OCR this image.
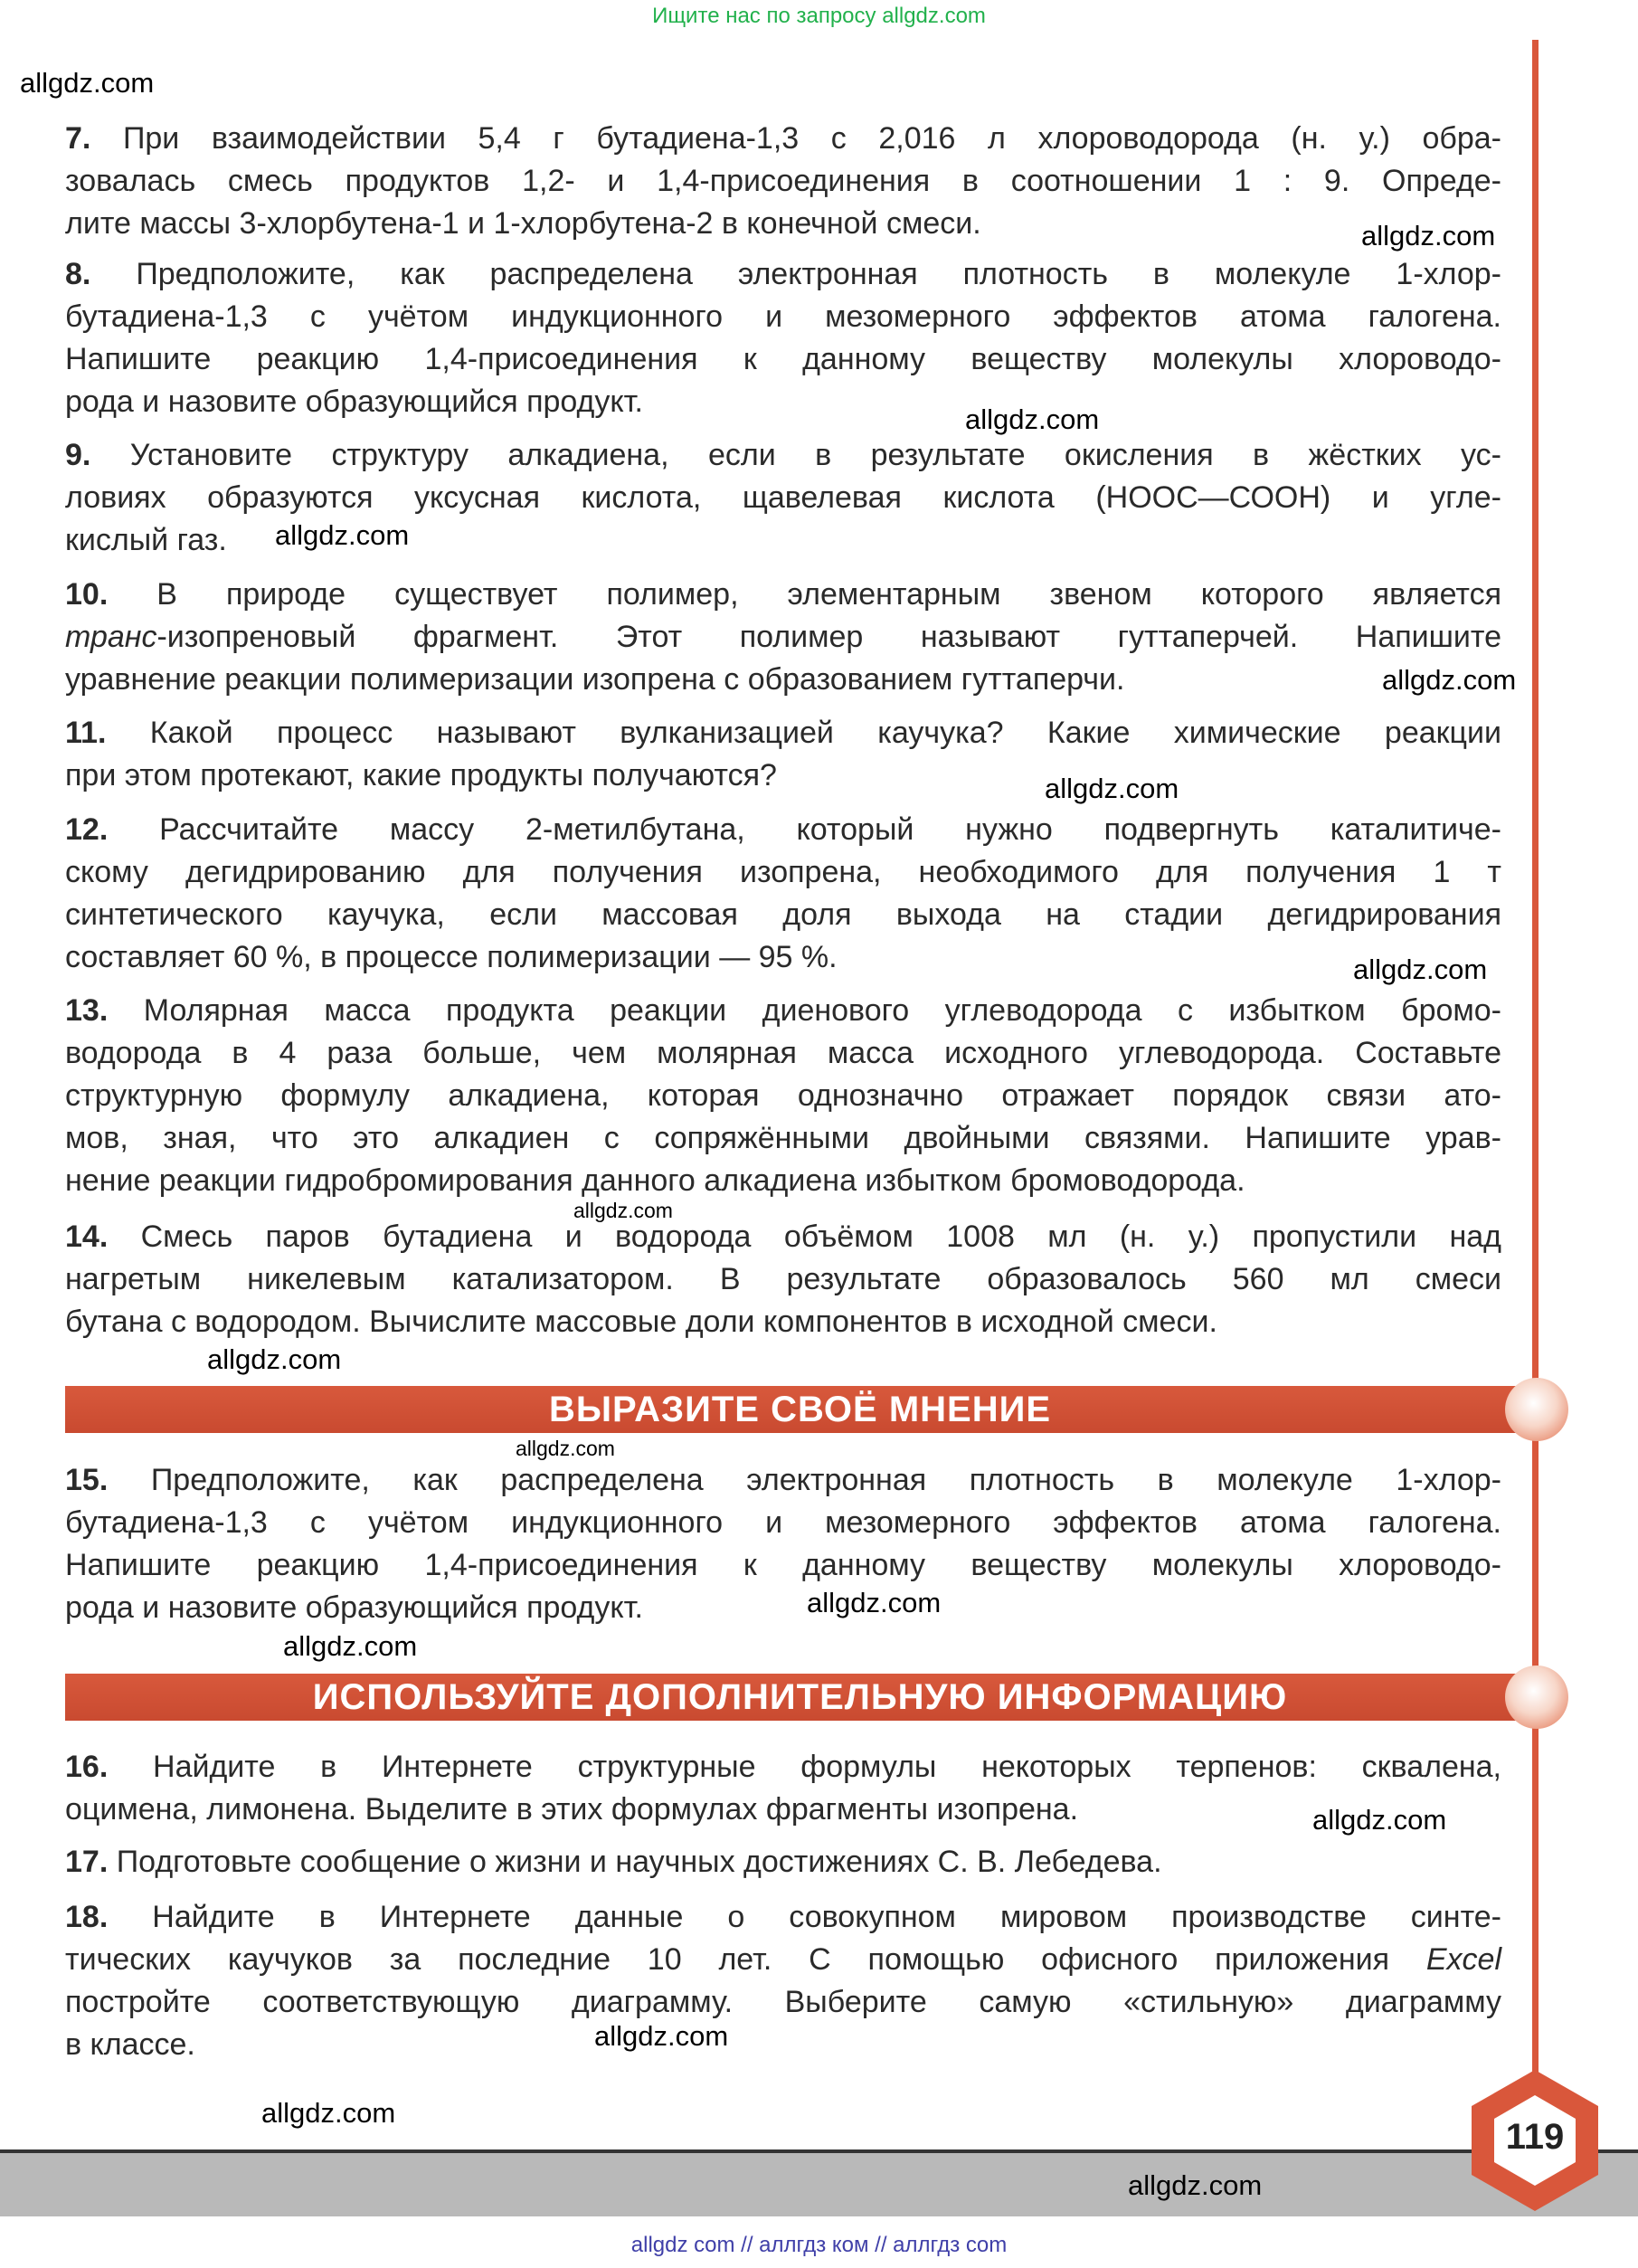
Ищите нас по запросу allgdz.com
7. При взаимодействии 5,4 г бутадиена-1,3 с 2,016 л хлороводорода (н. у.) обра-
зовалась смесь продуктов 1,2- и 1,4-присоединения в соотношении 1 : 9. Опреде-
лите массы 3-хлорбутена-1 и 1-хлорбутена-2 в конечной смеси.
8. Предположите, как распределена электронная плотность в молекуле 1-хлор-
бутадиена-1,3 с учётом индукционного и мезомерного эффектов атома галогена.
Напишите реакцию 1,4-присоединения к данному веществу молекулы хлороводо-
рода и назовите образующийся продукт.
9. Установите структуру алкадиена, если в результате окисления в жёстких ус-
ловиях образуются уксусная кислота, щавелевая кислота (НООС—СООН) и угле-
кислый газ.
10. В природе существует полимер, элементарным звеном которого является
транс-изопреновый фрагмент. Этот полимер называют гуттаперчей. Напишите
уравнение реакции полимеризации изопрена с образованием гуттаперчи.
11. Какой процесс называют вулканизацией каучука? Какие химические реакции
при этом протекают, какие продукты получаются?
12. Рассчитайте массу 2-метилбутана, который нужно подвергнуть каталитиче-
скому дегидрированию для получения изопрена, необходимого для получения 1 т
синтетического каучука, если массовая доля выхода на стадии дегидрирования
составляет 60 %, в процессе полимеризации — 95 %.
13. Молярная масса продукта реакции диенового углеводорода с избытком бромо-
водорода в 4 раза больше, чем молярная масса исходного углеводорода. Составьте
структурную формулу алкадиена, которая однозначно отражает порядок связи ато-
мов, зная, что это алкадиен с сопряжёнными двойными связями. Напишите урав-
нение реакции гидробромирования данного алкадиена избытком бромоводорода.
14. Смесь паров бутадиена и водорода объёмом 1008 мл (н. у.) пропустили над
нагретым никелевым катализатором. В результате образовалось 560 мл смеси
бутана с водородом. Вычислите массовые доли компонентов в исходной смеси.
15. Предположите, как распределена электронная плотность в молекуле 1-хлор-
бутадиена-1,3 с учётом индукционного и мезомерного эффектов атома галогена.
Напишите реакцию 1,4-присоединения к данному веществу молекулы хлороводо-
рода и назовите образующийся продукт.
16. Найдите в Интернете структурные формулы некоторых терпенов: сквалена,
оцимена, лимонена. Выделите в этих формулах фрагменты изопрена.
17. Подготовьте сообщение о жизни и научных достижениях С. В. Лебедева.
18. Найдите в Интернете данные о совокупном мировом производстве синте-
тических каучуков за последние 10 лет. С помощью офисного приложения Excel
постройте соответствующую диаграмму. Выберите самую «стильную» диаграмму
в классе.
ВЫРАЗИТЕ СВОЁ МНЕНИЕ
ИСПОЛЬЗУЙТЕ ДОПОЛНИТЕЛЬНУЮ ИНФОРМАЦИЮ
119
allgdz.com
allgdz.com
allgdz.com
allgdz.com
allgdz.com
allgdz.com
allgdz.com
allgdz.com
allgdz.com
allgdz.com
allgdz.com
allgdz.com
allgdz.com
allgdz.com
allgdz.com
allgdz.com
allgdz com // аллгдз ком // аллгдз com
